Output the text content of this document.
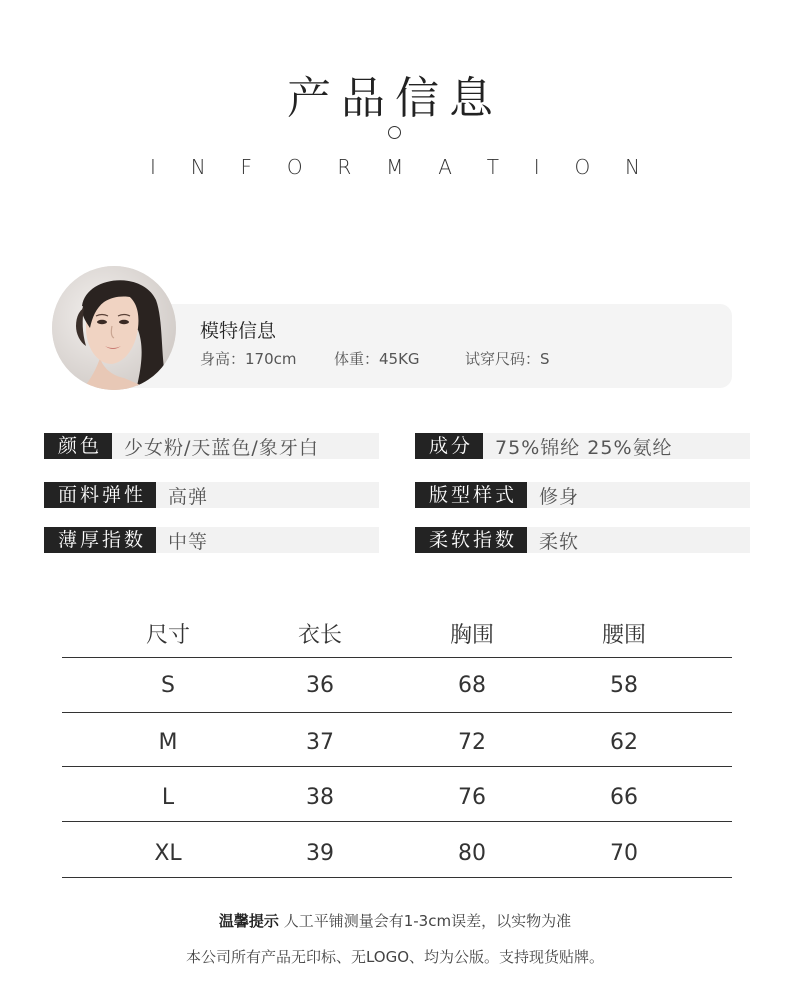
产品信息
I N F O R M A T I O N
模特信息
身高：170cm	体重：45KG	试穿尺码：S
颜色	少女粉/天蓝色/象牙白	成分	75%锦纶 25%氨纶
面料弹性	高弹	版型样式	修身
薄厚指数	中等	柔软指数	柔软
尺寸	衣长	胸围	腰围
S	36	68	58
M	37	72	62
L	38	76	66
XL	39	80	70
温馨提示 人工平铺测量会有1-3cm误差，以实物为准
本公司所有产品无印标、无LOGO、均为公版。支持现货贴牌。
